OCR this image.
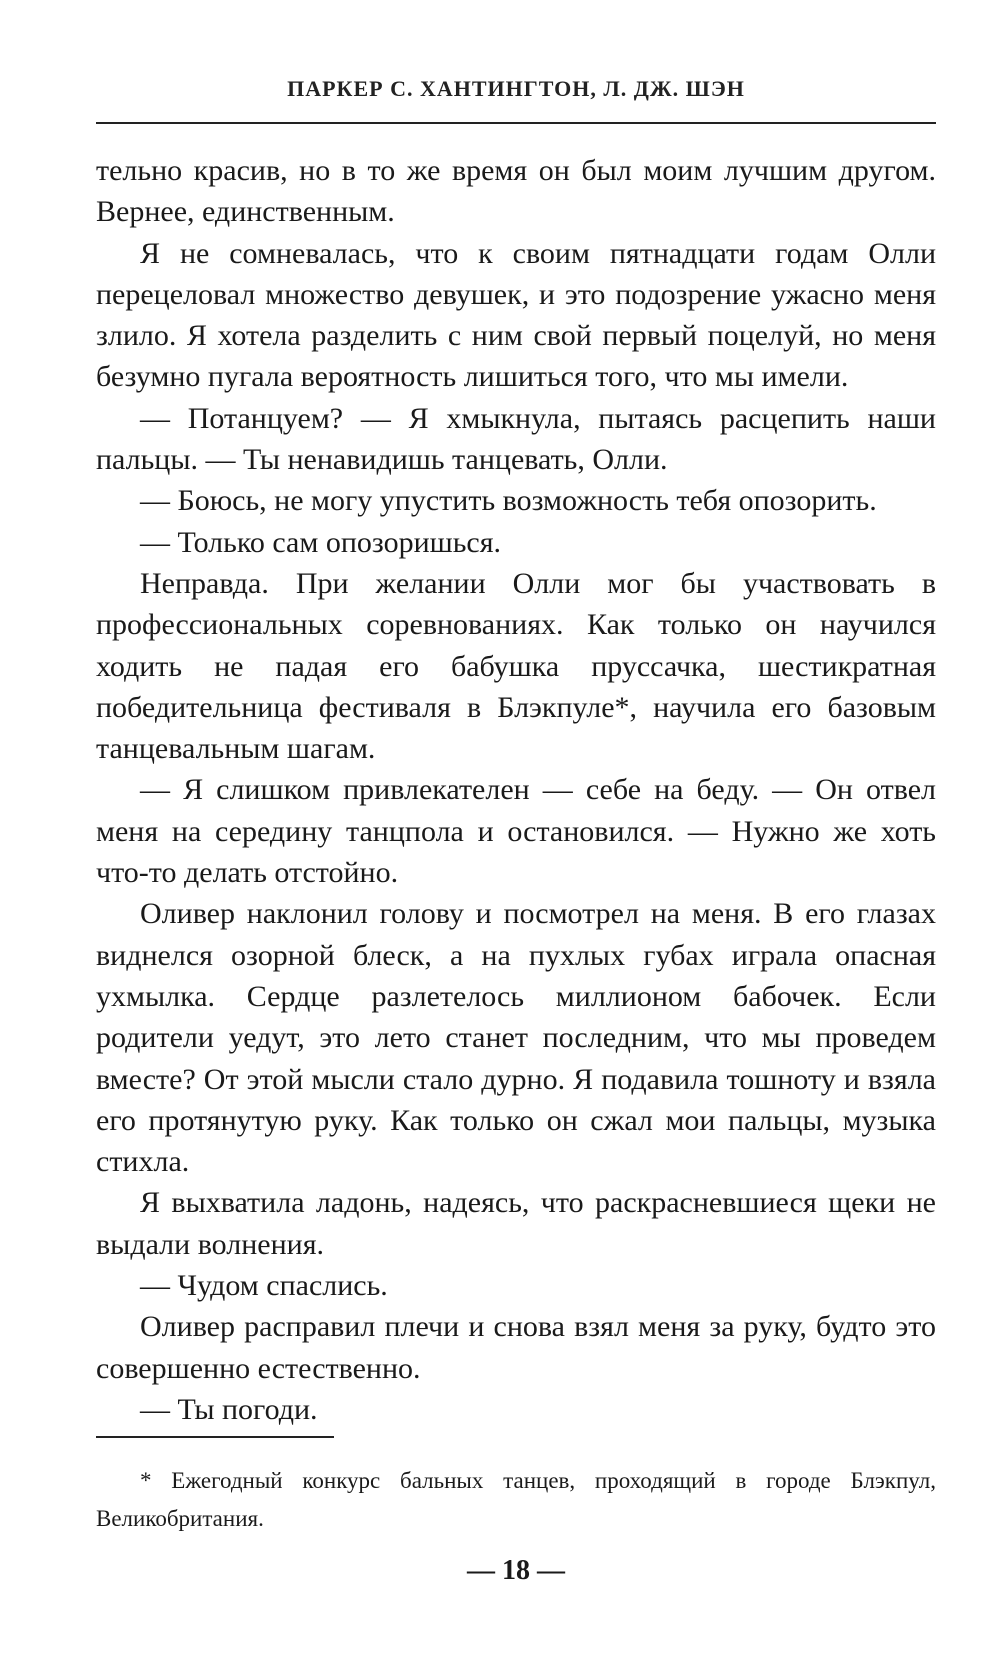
ПАРКЕР С. ХАНТИНГТОН, Л. ДЖ. ШЭН

тельно красив, но в то же время он был моим лучшим другом. Вернее, единственным.

Я не сомневалась, что к своим пятнадцати годам Олли перецеловал множество девушек, и это подозрение ужасно меня злило. Я хотела разделить с ним свой первый поцелуй, но меня безумно пугала вероятность лишиться того, что мы имели.

— Потанцуем? — Я хмыкнула, пытаясь расцепить наши пальцы. — Ты ненавидишь танцевать, Олли.

— Боюсь, не могу упустить возможность тебя опозорить.

— Только сам опозоришься.

Неправда. При желании Олли мог бы участвовать в профессиональных соревнованиях. Как только он научился ходить не падая его бабушка пруссачка, шестикратная победительница фестиваля в Блэкпуле*, научила его базовым танцевальным шагам.

— Я слишком привлекателен — себе на беду. — Он отвел меня на середину танцпола и остановился. — Нужно же хоть что-то делать отстойно.

Оливер наклонил голову и посмотрел на меня. В его глазах виднелся озорной блеск, а на пухлых губах играла опасная ухмылка. Сердце разлетелось миллионом бабочек. Если родители уедут, это лето станет последним, что мы проведем вместе? От этой мысли стало дурно. Я подавила тошноту и взяла его протянутую руку. Как только он сжал мои пальцы, музыка стихла.

Я выхватила ладонь, надеясь, что раскрасневшиеся щеки не выдали волнения.

— Чудом спаслись.

Оливер расправил плечи и снова взял меня за руку, будто это совершенно естественно.

— Ты погоди.

* Ежегодный конкурс бальных танцев, проходящий в городе Блэкпул, Великобритания.

— 18 —
